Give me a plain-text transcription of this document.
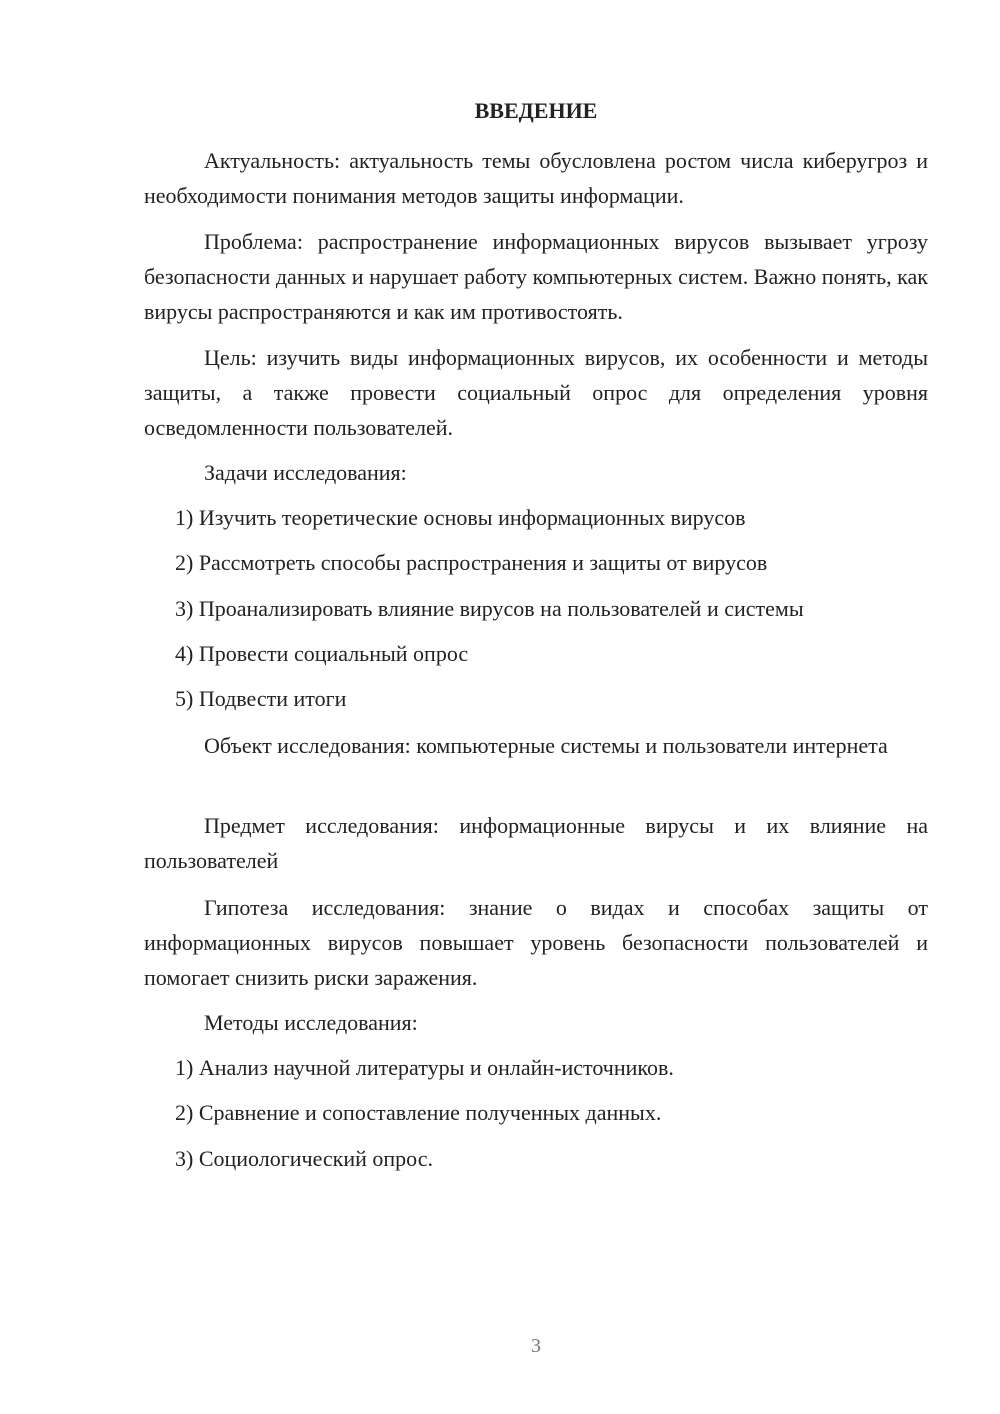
ВВЕДЕНИЕ

Актуальность: актуальность темы обусловлена ростом числа киберугроз и необходимости понимания методов защиты информации.

Проблема: распространение информационных вирусов вызывает угрозу безопасности данных и нарушает работу компьютерных систем. Важно понять, как вирусы распространяются и как им противостоять.

Цель: изучить виды информационных вирусов, их особенности и методы защиты, а также провести социальный опрос для определения уровня осведомленности пользователей.

Задачи исследования:

1) Изучить теоретические основы информационных вирусов

2) Рассмотреть способы распространения и защиты от вирусов

3) Проанализировать влияние вирусов на пользователей и системы

4) Провести социальный опрос

5) Подвести итоги

Объект исследования: компьютерные системы и пользователи интернета

Предмет исследования: информационные вирусы и их влияние на пользователей

Гипотеза исследования: знание о видах и способах защиты от информационных вирусов повышает уровень безопасности пользователей и помогает снизить риски заражения.

Методы исследования:

1) Анализ научной литературы и онлайн-источников.

2) Сравнение и сопоставление полученных данных.

3) Социологический опрос.

3
